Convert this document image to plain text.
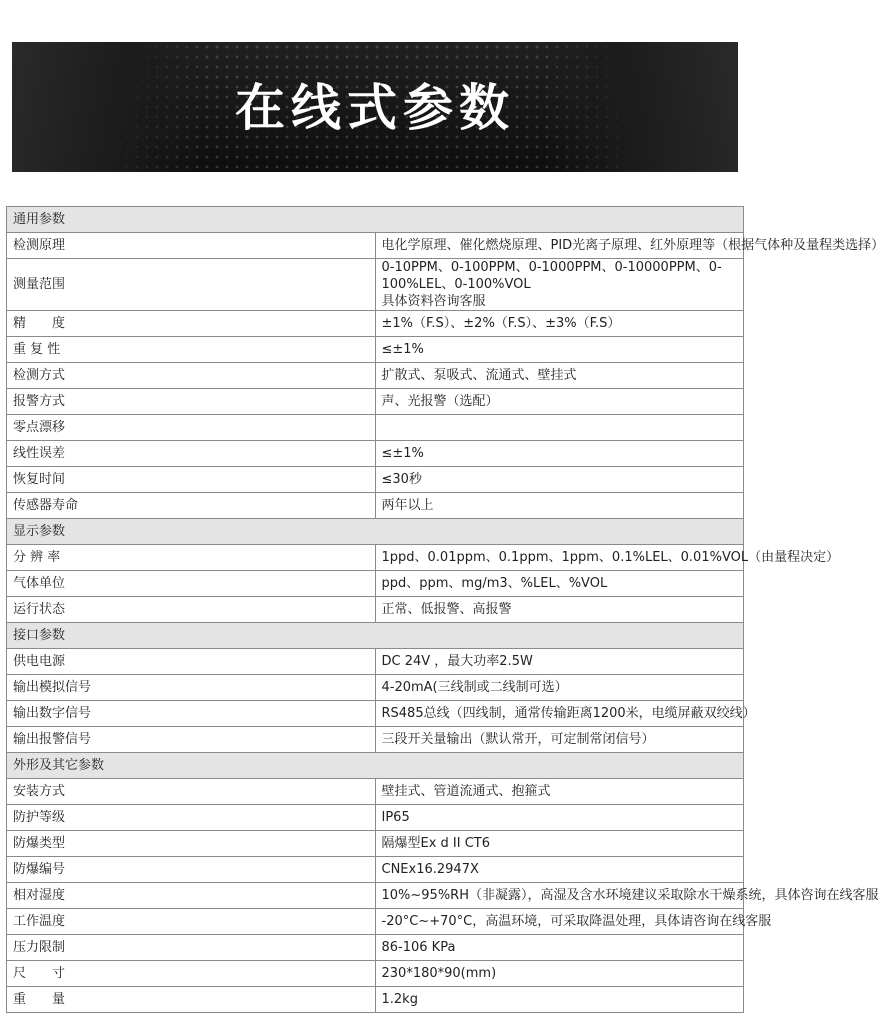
在线式参数
通用参数	
检测原理	电化学原理、催化燃烧原理、PID光离子原理、红外原理等（根据气体种及量程类选择）

测量范围	0-10PPM、0-100PPM、0-1000PPM、0-10000PPM、0-100%LEL、0-100%VOL
具体资料咨询客服

精　　度	±1%（F.S）、±2%（F.S）、±3%（F.S）

重 复 性	≤±1%

检测方式	扩散式、泵吸式、流通式、壁挂式

报警方式	声、光报警（选配）

零点漂移	

线性误差	≤±1%

恢复时间	≤30秒

传感器寿命	两年以上

显示参数	
分 辨 率	1ppd、0.01ppm、0.1ppm、1ppm、0.1%LEL、0.01%VOL（由量程决定）

气体单位	ppd、ppm、mg/m3、%LEL、%VOL

运行状态	正常、低报警、高报警

接口参数	
供电电源	DC 24V ，最大功率2.5W

输出模拟信号	4-20mA(三线制或二线制可选）

输出数字信号	RS485总线（四线制，通常传输距离1200米，电缆屏蔽双绞线）

输出报警信号	三段开关量输出（默认常开，可定制常闭信号）

外形及其它参数	
安装方式	壁挂式、管道流通式、抱箍式

防护等级	IP65

防爆类型	隔爆型Ex d II CT6

防爆编号	CNEx16.2947X

相对湿度	10%~95%RH（非凝露），高湿及含水环境建议采取除水干燥系统，具体咨询在线客服

工作温度	-20°C~+70°C，高温环境，可采取降温处理，具体请咨询在线客服

压力限制	86-106 KPa

尺　　寸	230*180*90(mm)

重　　量	1.2kg
